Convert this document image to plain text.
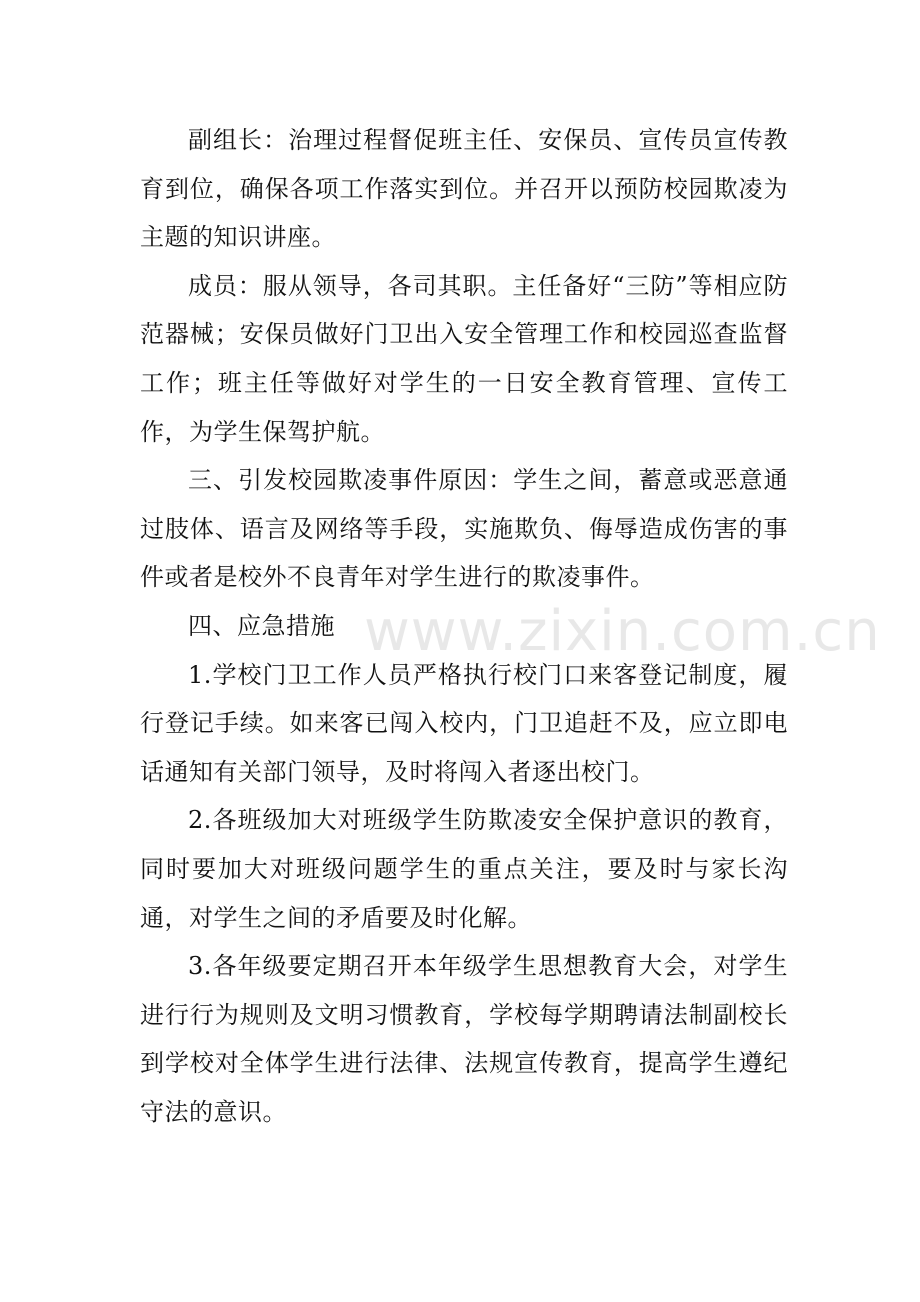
副组长：治理过程督促班主任、安保员、宣传员宣传教育到位，确保各项工作落实到位。并召开以预防校园欺凌为主题的知识讲座。

成员：服从领导，各司其职。主任备好“三防”等相应防范器械；安保员做好门卫出入安全管理工作和校园巡查监督工作；班主任等做好对学生的一日安全教育管理、宣传工作，为学生保驾护航。

三、引发校园欺凌事件原因：学生之间，蓄意或恶意通过肢体、语言及网络等手段，实施欺负、侮辱造成伤害的事件或者是校外不良青年对学生进行的欺凌事件。

四、应急措施

1.学校门卫工作人员严格执行校门口来客登记制度，履行登记手续。如来客已闯入校内，门卫追赶不及，应立即电话通知有关部门领导，及时将闯入者逐出校门。

2.各班级加大对班级学生防欺凌安全保护意识的教育，同时要加大对班级问题学生的重点关注，要及时与家长沟通，对学生之间的矛盾要及时化解。

3.各年级要定期召开本年级学生思想教育大会，对学生进行行为规则及文明习惯教育，学校每学期聘请法制副校长到学校对全体学生进行法律、法规宣传教育，提高学生遵纪守法的意识。

www.zixin.com.cn
